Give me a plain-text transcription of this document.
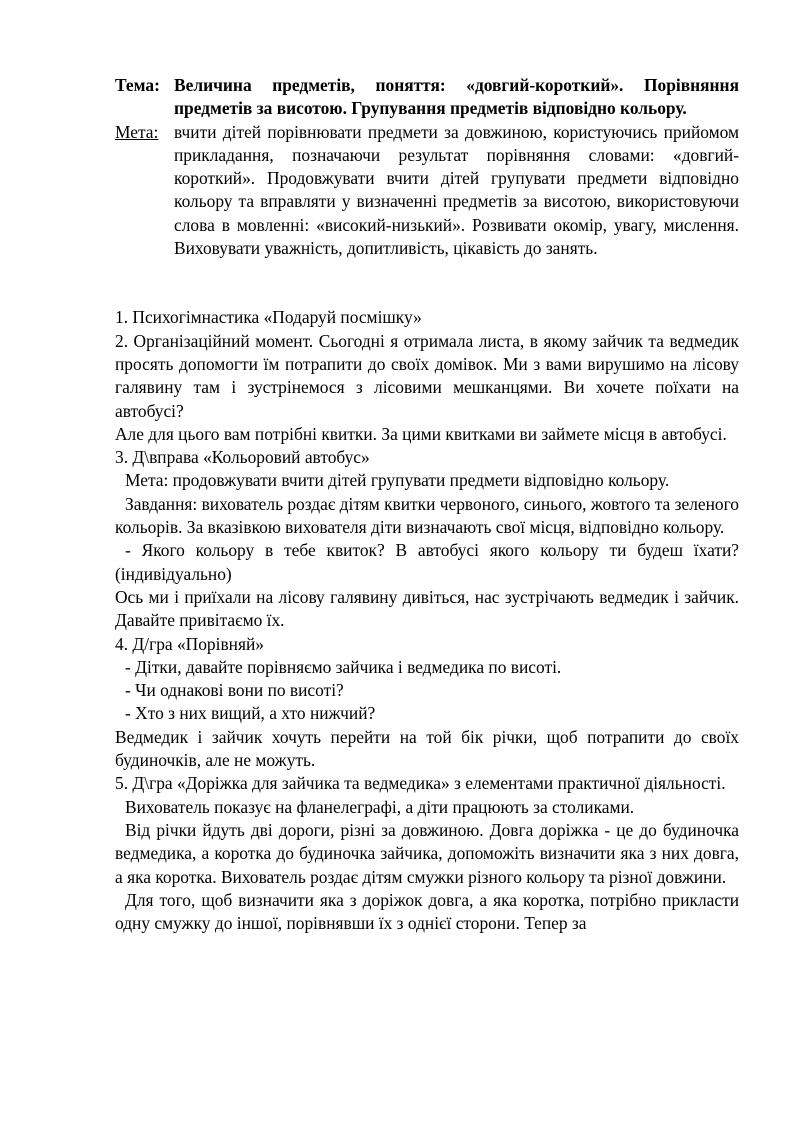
Тема: Величина предметів, поняття: «довгий-короткий». Порівняння предметів за висотою. Групування предметів відповідно кольору.
Мета: вчити дітей порівнювати предмети за довжиною, користуючись прийомом прикладання, позначаючи результат порівняння словами: «довгий-короткий». Продовжувати вчити дітей групувати предмети відповідно кольору та вправляти у визначенні предметів за висотою, використовуючи слова в мовленні: «високий-низький». Розвивати окомір, увагу, мислення. Виховувати уважність, допитливість, цікавість до занять.

1. Психогімнастика «Подаруй посмішку»

2. Організаційний момент. Сьогодні я отримала листа, в якому зайчик та ведмедик просять допомогти їм потрапити до своїх домівок. Ми з вами вирушимо на лісову галявину там і зустрінемося з лісовими мешканцями. Ви хочете поїхати на автобусі?

Але для цього вам потрібні квитки. За цими квитками ви займете місця в автобусі.

3. Д\вправа «Кольоровий автобус»

Мета: продовжувати вчити дітей групувати предмети відповідно кольору.

Завдання: вихователь роздає дітям квитки червоного, синього, жовтого та зеленого кольорів. За вказівкою вихователя діти визначають свої місця, відповідно кольору.

- Якого кольору в тебе квиток? В автобусі якого кольору ти будеш їхати? (індивідуально)

Ось ми і приїхали на лісову галявину дивіться, нас зустрічають ведмедик і зайчик. Давайте привітаємо їх.

4. Д/гра «Порівняй»

- Дітки, давайте порівняємо зайчика і ведмедика по висоті.

- Чи однакові вони по висоті?

- Хто з них вищий, а хто нижчий?

Ведмедик і зайчик хочуть перейти на той бік річки, щоб потрапити до своїх будиночків, але не можуть.

5. Д\гра «Доріжка для зайчика та ведмедика» з елементами практичної діяльності.

Вихователь показує на фланелеграфі, а діти працюють за столиками.

Від річки йдуть дві дороги, різні за довжиною. Довга доріжка - це до будиночка ведмедика, а коротка до будиночка зайчика, допоможіть визначити яка з них довга, а яка коротка. Вихователь роздає дітям смужки різного кольору та різної довжини.

Для того, щоб визначити яка з доріжок довга, а яка коротка, потрібно прикласти одну смужку до іншої, порівнявши їх з однієї сторони. Тепер за
